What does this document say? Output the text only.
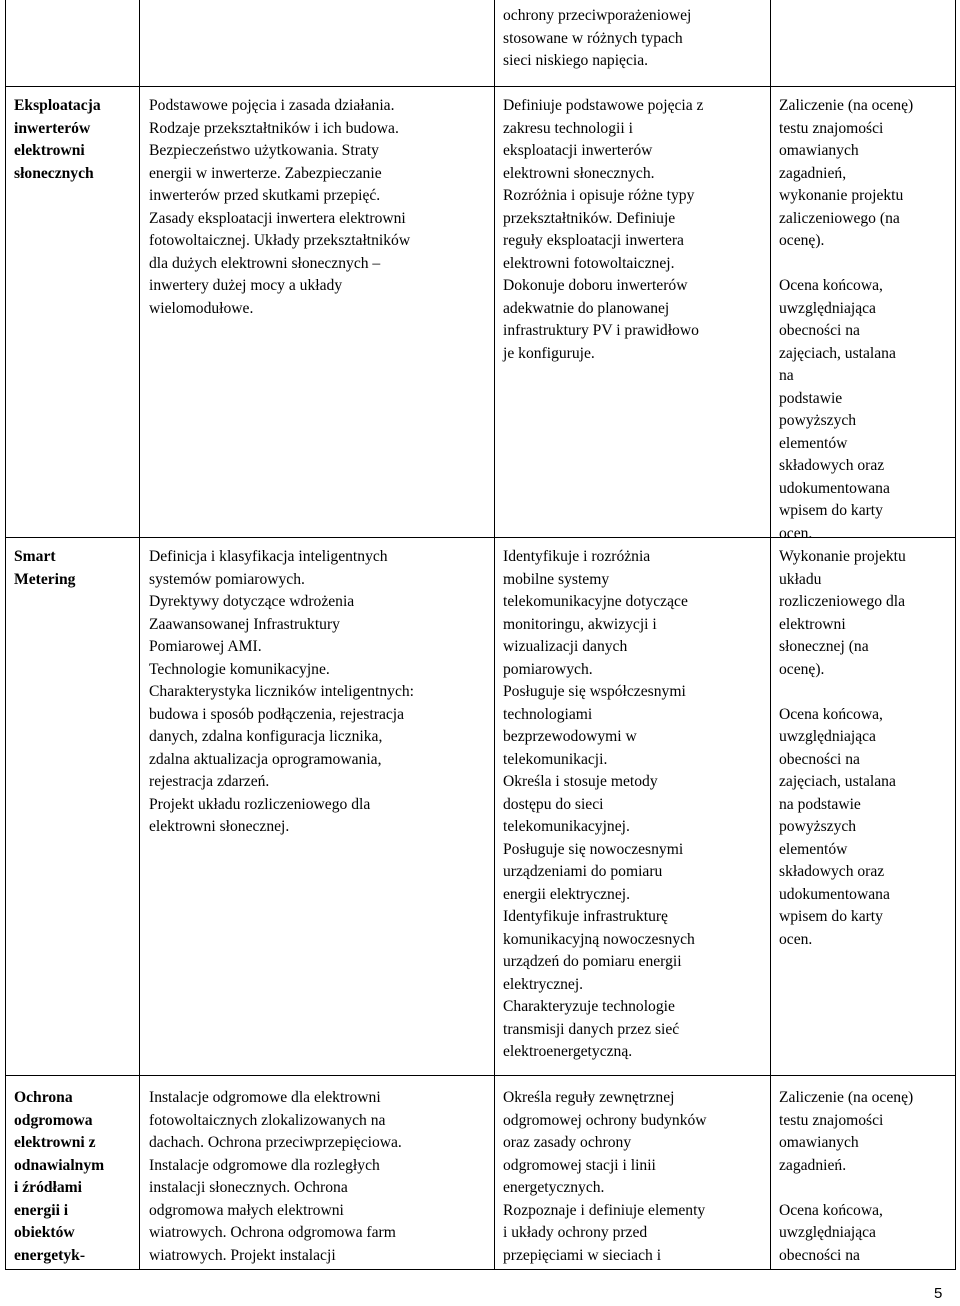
ochrony przeciwporażeniowej
stosowane w różnych typach
sieci niskiego napięcia.
Eksploatacja
inwerterów
elektrowni
słonecznych
Podstawowe pojęcia i zasada działania.
Rodzaje przekształtników i ich budowa.
Bezpieczeństwo użytkowania. Straty
energii w inwerterze. Zabezpieczanie
inwerterów przed skutkami przepięć.
Zasady eksploatacji inwertera elektrowni
fotowoltaicznej. Układy przekształtników
dla dużych elektrowni słonecznych –
inwertery dużej mocy a układy
wielomodułowe.
Definiuje podstawowe pojęcia z
zakresu technologii i
eksploatacji inwerterów
elektrowni słonecznych.
Rozróżnia i opisuje różne typy
przekształtników. Definiuje
reguły eksploatacji inwertera
elektrowni fotowoltaicznej.
Dokonuje doboru inwerterów
adekwatnie do planowanej
infrastruktury PV i prawidłowo
je konfiguruje.
Zaliczenie (na ocenę)
testu znajomości
omawianych
zagadnień,
wykonanie projektu
zaliczeniowego (na
ocenę).

Ocena końcowa,
uwzględniająca
obecności na
zajęciach, ustalana
na
podstawie
powyższych
elementów
składowych oraz
udokumentowana
wpisem do karty
ocen.
Smart
Metering
Definicja i klasyfikacja inteligentnych
systemów pomiarowych.
Dyrektywy dotyczące wdrożenia
Zaawansowanej Infrastruktury
Pomiarowej AMI.
Technologie komunikacyjne.
Charakterystyka liczników inteligentnych:
budowa i sposób podłączenia, rejestracja
danych, zdalna konfiguracja licznika,
zdalna aktualizacja oprogramowania,
rejestracja zdarzeń.
Projekt układu rozliczeniowego dla
elektrowni słonecznej.
Identyfikuje i rozróżnia
mobilne systemy
telekomunikacyjne dotyczące
monitoringu, akwizycji i
wizualizacji danych
pomiarowych.
Posługuje się współczesnymi
technologiami
bezprzewodowymi w
telekomunikacji.
Określa i stosuje metody
dostępu do sieci
telekomunikacyjnej.
Posługuje się nowoczesnymi
urządzeniami do pomiaru
energii elektrycznej.
Identyfikuje infrastrukturę
komunikacyjną nowoczesnych
urządzeń do pomiaru energii
elektrycznej.
Charakteryzuje technologie
transmisji danych przez sieć
elektroenergetyczną.
Wykonanie projektu
układu
rozliczeniowego dla
elektrowni
słonecznej (na
ocenę).

Ocena końcowa,
uwzględniająca
obecności na
zajęciach, ustalana
na podstawie
powyższych
elementów
składowych oraz
udokumentowana
wpisem do karty
ocen.
Ochrona
odgromowa
elektrowni z
odnawialnym
i źródłami
energii i
obiektów
energetyk-
Instalacje odgromowe dla elektrowni
fotowoltaicznych zlokalizowanych na
dachach. Ochrona przeciwprzepięciowa.
Instalacje odgromowe dla rozległych
instalacji słonecznych. Ochrona
odgromowa małych elektrowni
wiatrowych. Ochrona odgromowa farm
wiatrowych. Projekt instalacji
Określa reguły zewnętrznej
odgromowej ochrony budynków
oraz zasady ochrony
odgromowej stacji i linii
energetycznych.
Rozpoznaje i definiuje elementy
i układy ochrony przed
przepięciami w sieciach i
Zaliczenie (na ocenę)
testu znajomości
omawianych
zagadnień.

Ocena końcowa,
uwzględniająca
obecności na
5
